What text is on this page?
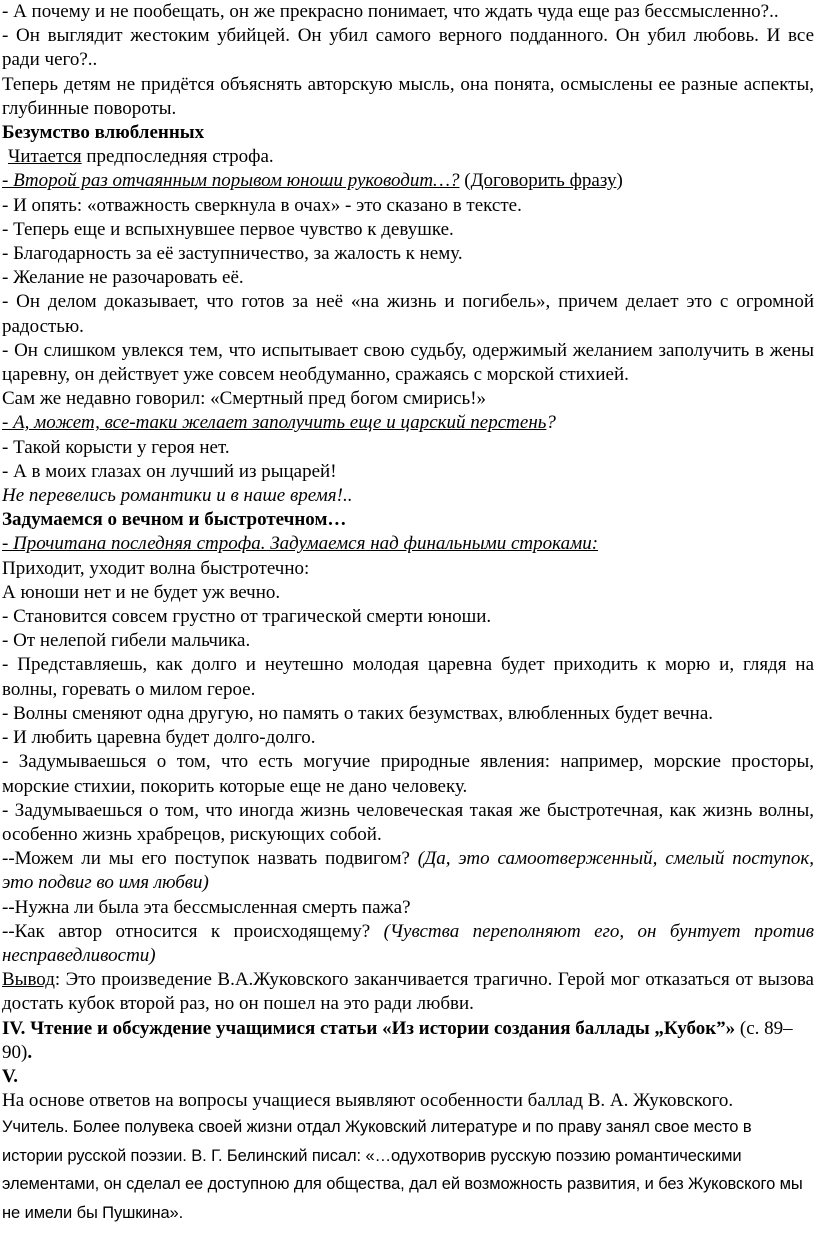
- А почему и не пообещать, он же прекрасно понимает, что ждать чуда еще раз бессмысленно?..

- Он выглядит жестоким убийцей. Он убил самого верного подданного. Он убил любовь. И все ради чего?..

Теперь детям не придётся объяснять авторскую мысль, она понята, осмыслены ее разные аспекты, глубинные повороты.

Безумство влюбленных

Читается предпоследняя строфа.

- Второй раз отчаянным порывом юноши руководит…? (Договорить фразу)

- И опять: «отважность сверкнула в очах» - это сказано в тексте.

- Теперь еще и вспыхнувшее первое чувство к девушке.

- Благодарность за её заступничество, за жалость к нему.

- Желание не разочаровать её.

- Он делом доказывает, что готов за неё «на жизнь и погибель», причем делает это с огромной радостью.

- Он слишком увлекся тем, что испытывает свою судьбу, одержимый желанием заполучить в жены царевну, он действует уже совсем необдуманно, сражаясь с морской стихией.

Сам же недавно говорил: «Смертный пред богом смирись!»

- А, может, все-таки желает заполучить еще и царский перстень?

- Такой корысти у героя нет.

- А в моих глазах он лучший из рыцарей!

Не перевелись романтики и в наше время!..

Задумаемся о вечном и быстротечном…

- Прочитана последняя строфа. Задумаемся над финальными строками:

Приходит, уходит волна быстротечно:

А юноши нет и не будет уж вечно.

- Становится совсем грустно от трагической смерти юноши.

- От нелепой гибели мальчика.

- Представляешь, как долго и неутешно молодая царевна будет приходить к морю и, глядя на волны, горевать о милом герое.

- Волны сменяют одна другую, но память о таких безумствах, влюбленных будет вечна.

- И любить царевна будет долго-долго.

- Задумываешься о том, что есть могучие природные явления: например, морские просторы, морские стихии, покорить которые еще не дано человеку.

- Задумываешься о том, что иногда жизнь человеческая такая же быстротечная, как жизнь волны, особенно жизнь храбрецов, рискующих собой.

--Можем ли мы его поступок назвать подвигом? (Да, это самоотверженный, смелый поступок, это подвиг во имя любви)

--Нужна ли была эта бессмысленная смерть пажа?

--Как автор относится к происходящему? (Чувства переполняют его, он бунтует против несправедливости)

Вывод: Это произведение В.А.Жуковского заканчивается трагично. Герой мог отказаться от вызова достать кубок второй раз, но он пошел на это ради любви.

IV. Чтение и обсуждение учащимися статьи «Из истории создания баллады „Кубок”» (с. 89–90).

V.

На основе ответов на вопросы учащиеся выявляют особенности баллад В. А. Жуковского.

Учитель. Более полувека своей жизни отдал Жуковский литературе и по праву занял свое место в истории русской поэзии. В. Г. Белинский писал: «…одухотворив русскую поэзию романтическими элементами, он сделал ее доступною для общества, дал ей возможность развития, и без Жуковского мы не имели бы Пушкина».
